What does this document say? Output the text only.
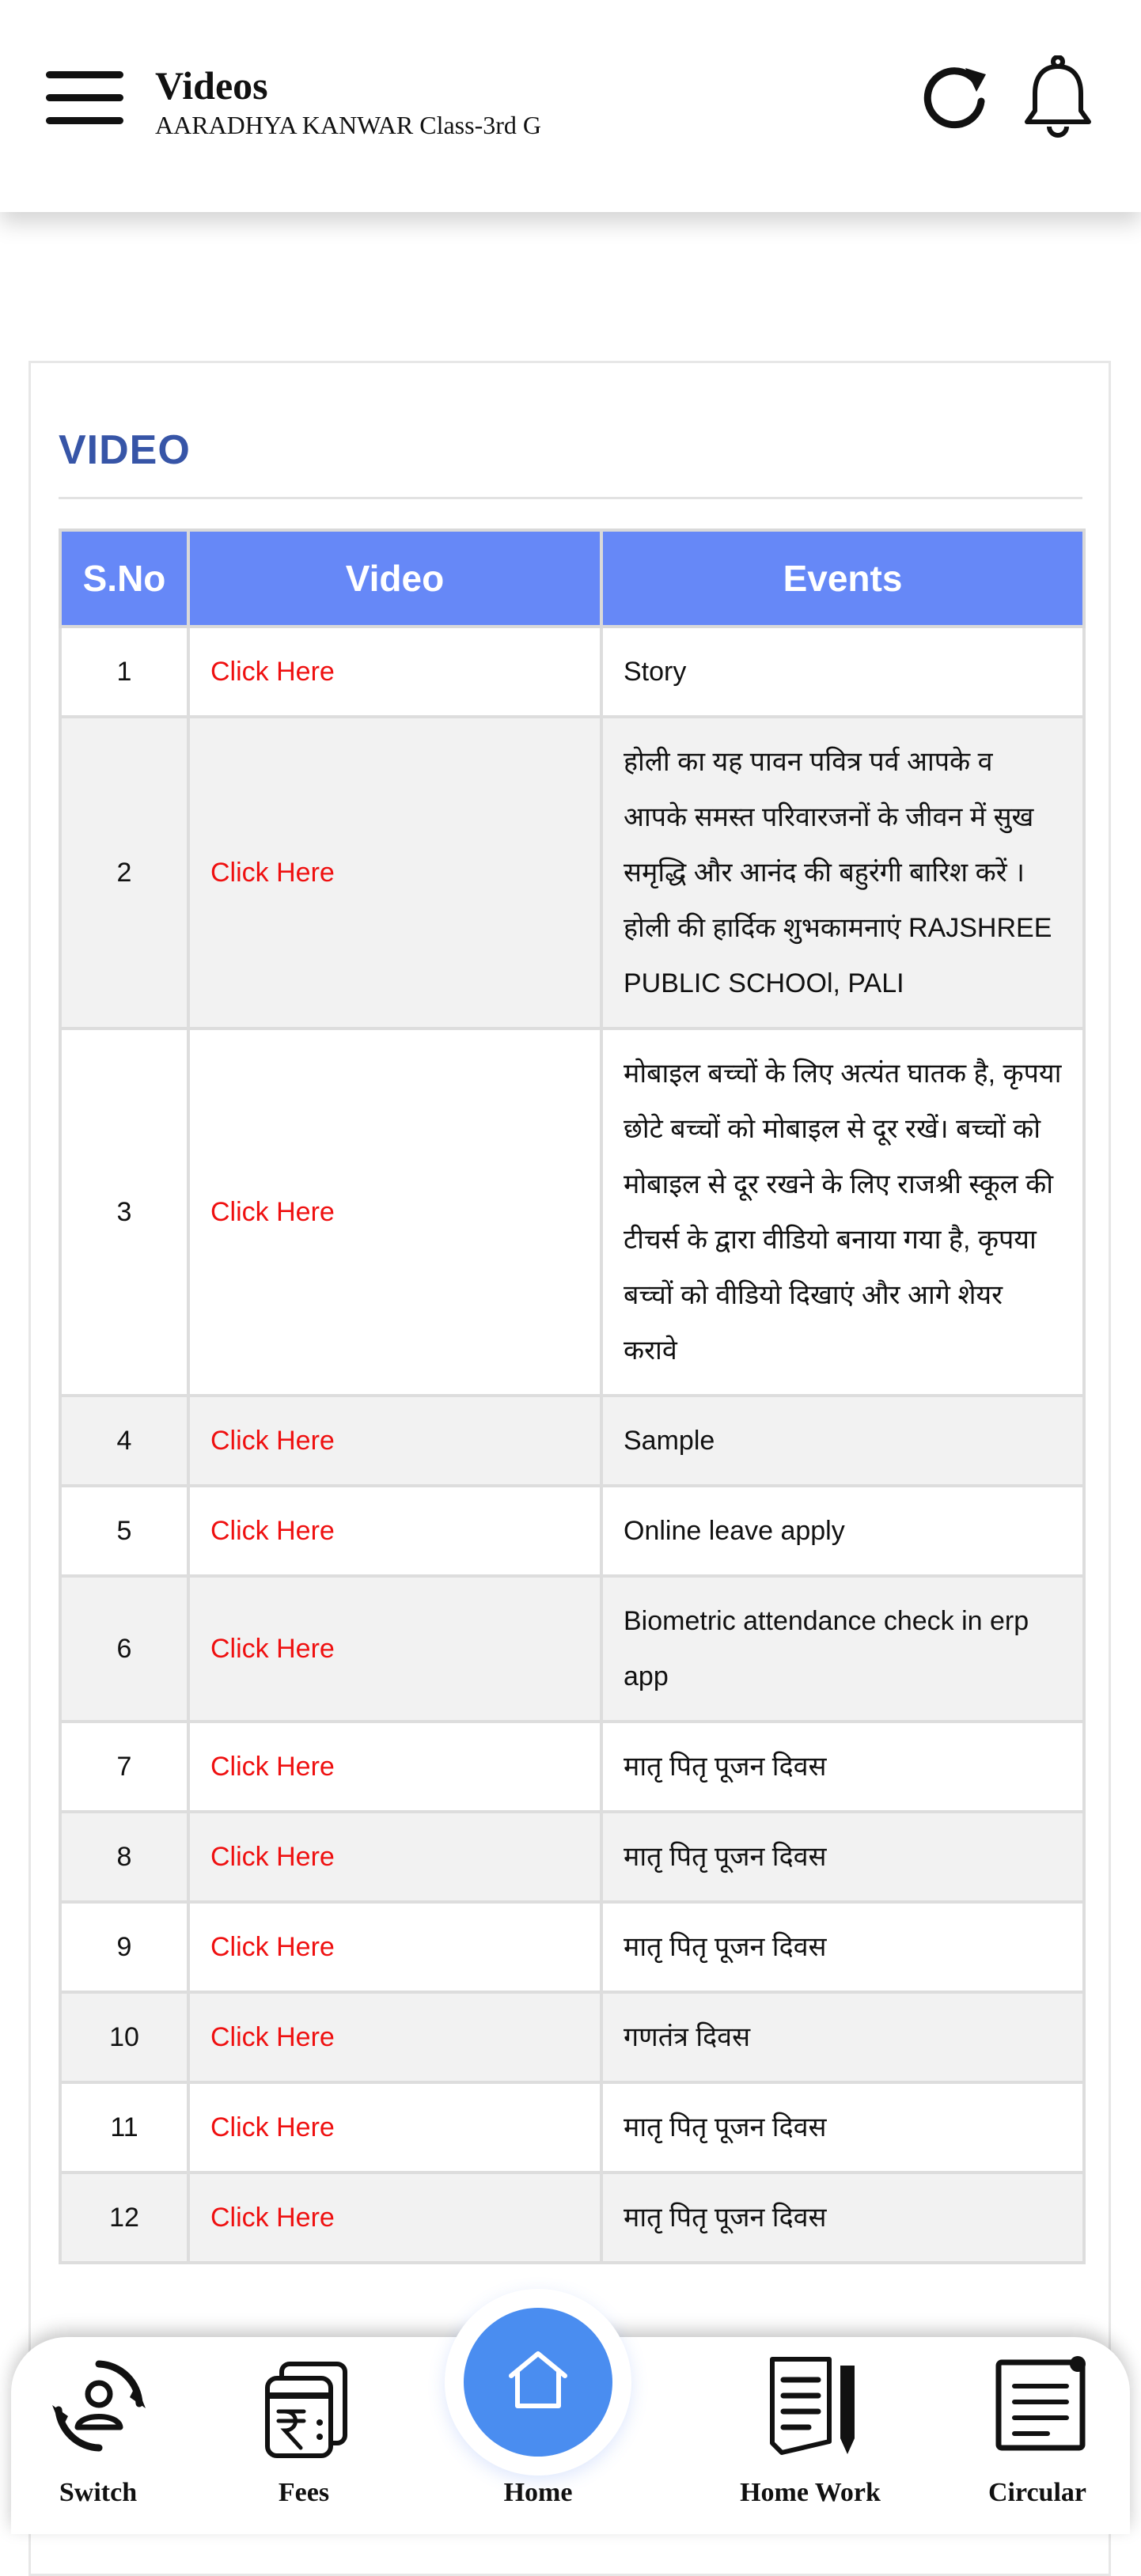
Videos
AARADHYA KANWAR Class-3rd G
VIDEO
S.No	Video	Events
1	Click Here	Story
2	Click Here	होली का यह पावन पवित्र पर्व आपके व आपके समस्त परिवारजनों के जीवन में सुख समृद्धि और आनंद की बहुरंगी बारिश करें । होली की हार्दिक शुभकामनाएं RAJSHREE PUBLIC SCHOOl, PALI
3	Click Here	मोबाइल बच्चों के लिए अत्यंत घातक है, कृपया छोटे बच्चों को मोबाइल से दूर रखें। बच्चों को मोबाइल से दूर रखने के लिए राजश्री स्कूल की टीचर्स के द्वारा वीडियो बनाया गया है, कृपया बच्चों को वीडियो दिखाएं और आगे शेयर करावे
4	Click Here	Sample
5	Click Here	Online leave apply
6	Click Here	Biometric attendance check in erp app
7	Click Here	मातृ पितृ पूजन दिवस
8	Click Here	मातृ पितृ पूजन दिवस
9	Click Here	मातृ पितृ पूजन दिवस
10	Click Here	गणतंत्र दिवस
11	Click Here	मातृ पितृ पूजन दिवस
12	Click Here	मातृ पितृ पूजन दिवस
Switch	Fees	Home Work	Circular
Home
